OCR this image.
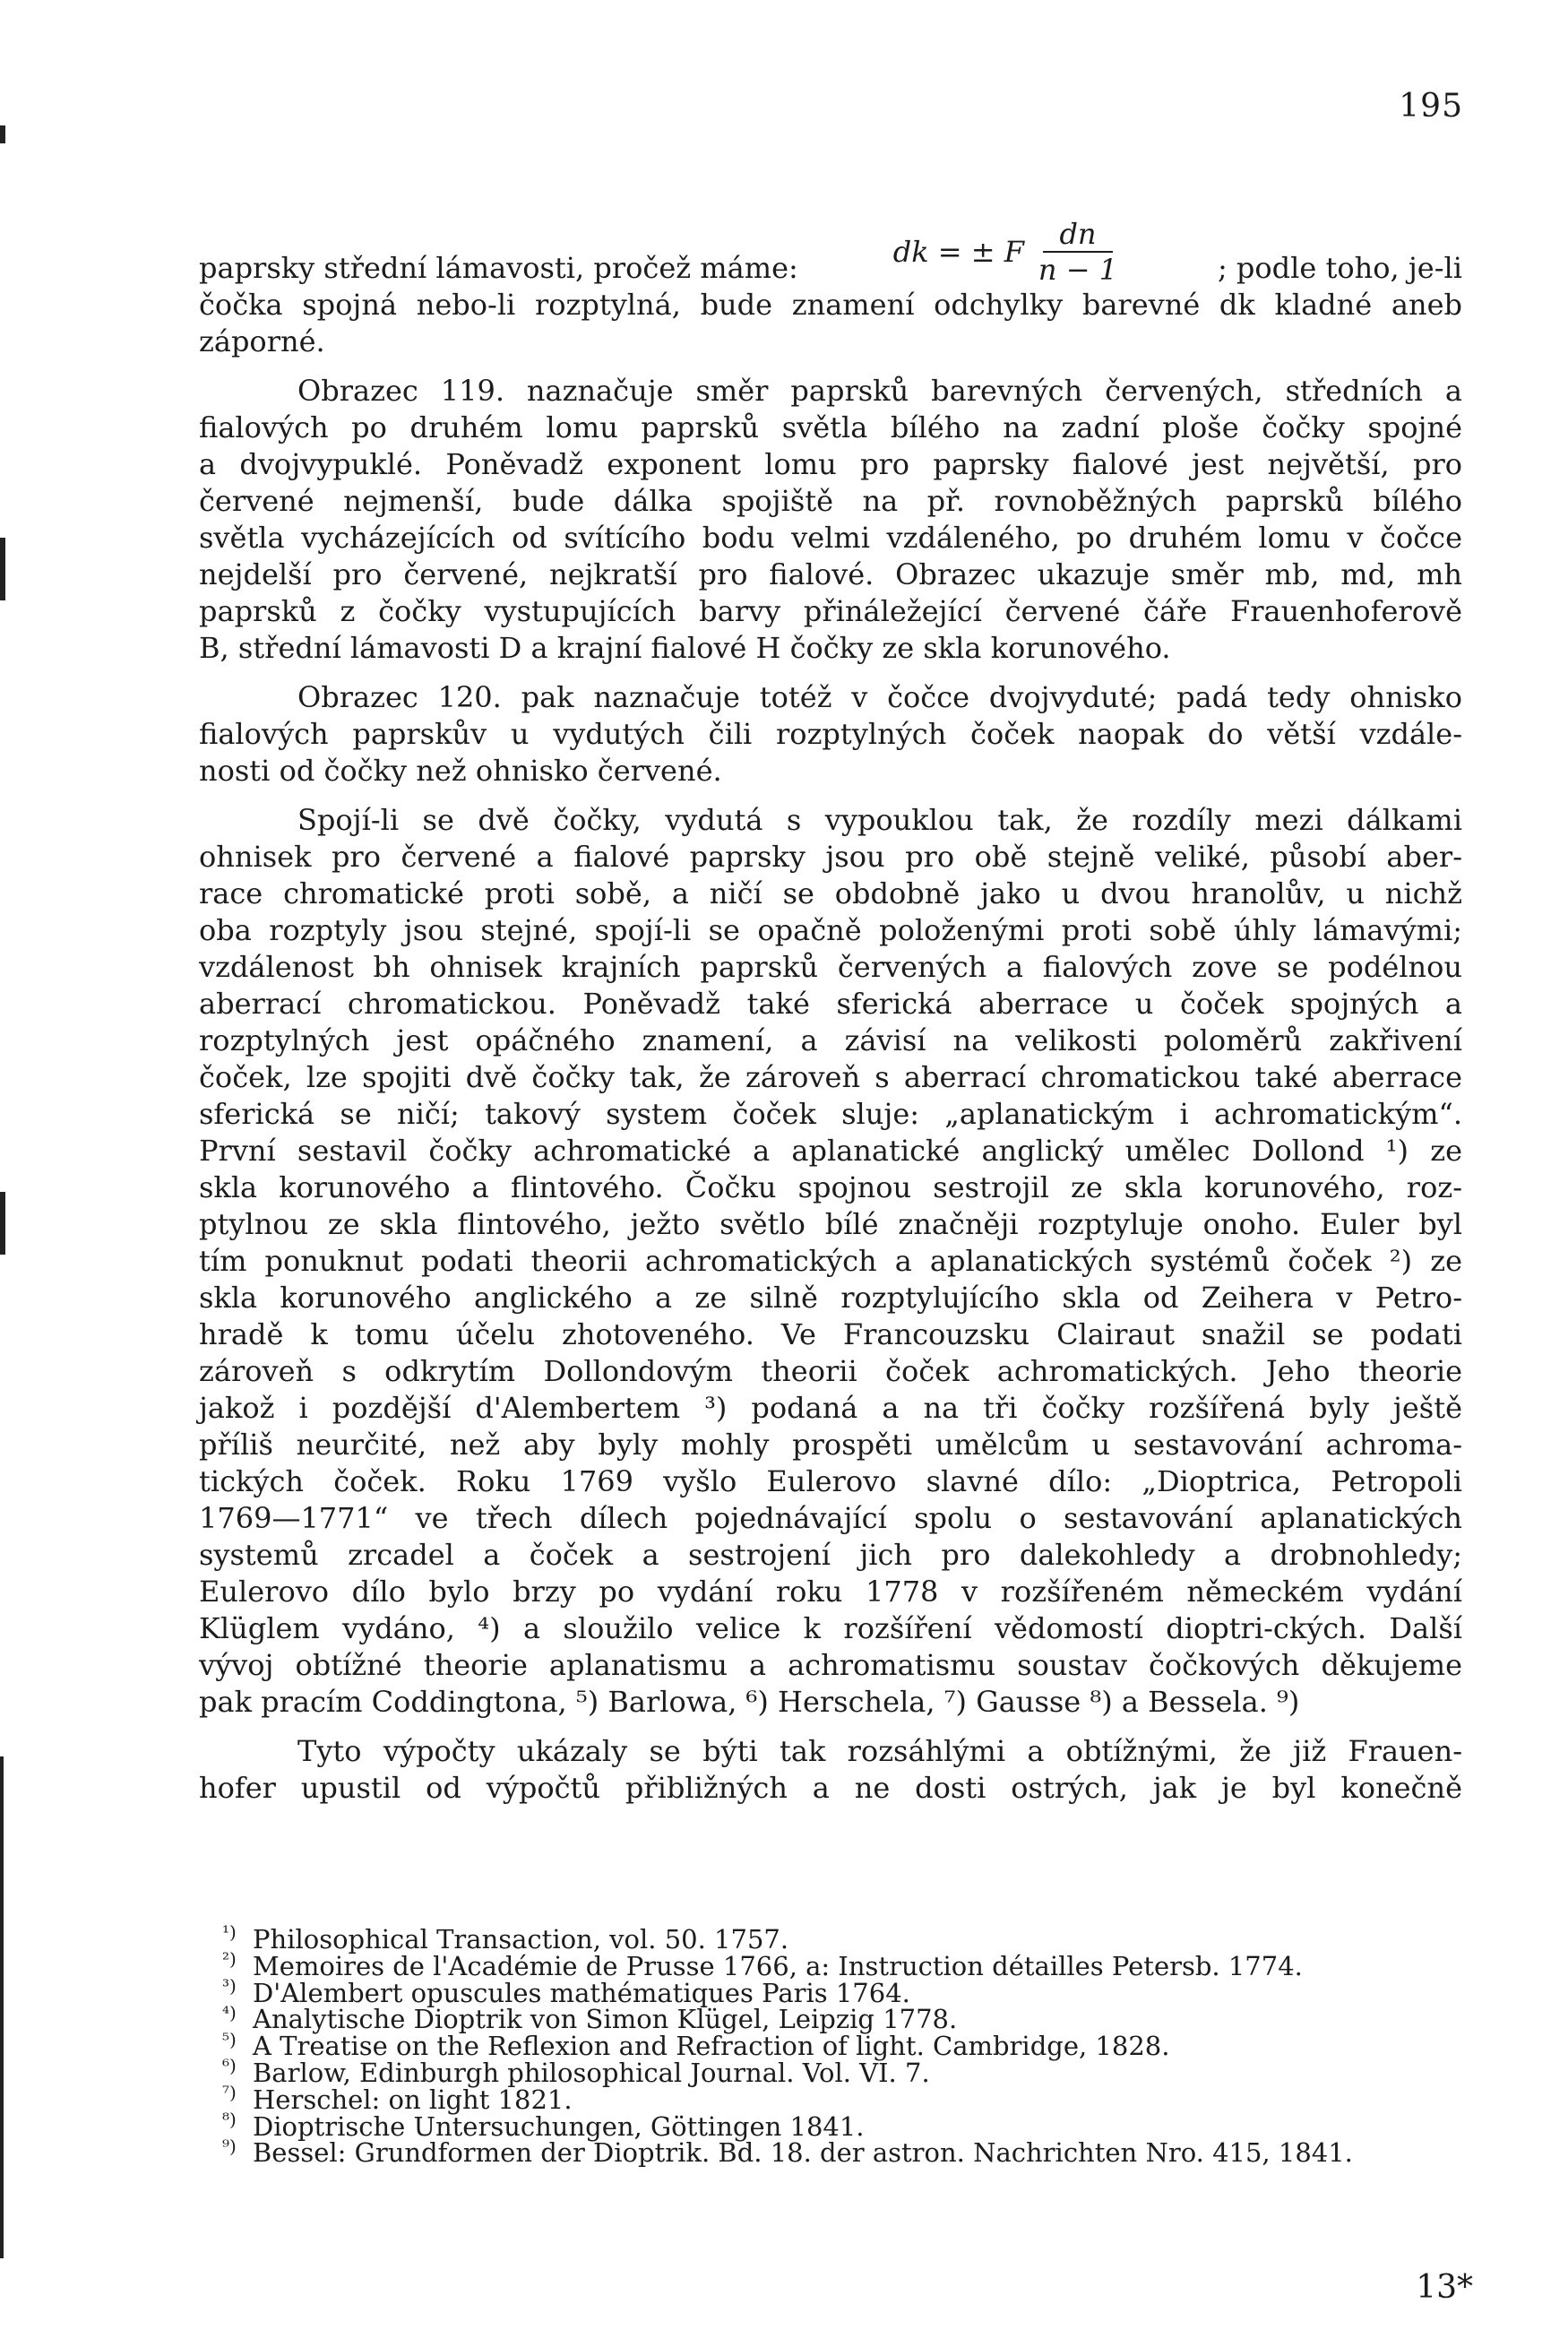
195
paprsky střední lámavosti, pročež máme:	dk = ± F $\frac{dn}{n - 1}$	; podle toho, je-li
čočka spojná nebo-li rozptylná, bude znamení odchylky barevné dk kladné aneb
záporné.
Obrazec 119. naznačuje směr paprsků barevných červených, středních a
fialových po druhém lomu paprsků světla bílého na zadní ploše čočky spojné
a dvojvypuklé. Poněvadž exponent lomu pro paprsky fialové jest největší, pro
červené nejmenší, bude dálka spojiště na př. rovnoběžných paprsků bílého
světla vycházejících od svítícího bodu velmi vzdáleného, po druhém lomu v čočce
nejdelší pro červené, nejkratší pro fialové. Obrazec ukazuje směr mb, md, mh
paprsků z čočky vystupujících barvy přináležející červené čáře Frauenhoferově
B, střední lámavosti D a krajní fialové H čočky ze skla korunového.
Obrazec 120. pak naznačuje totéž v čočce dvojvyduté; padá tedy ohnisko
fialových paprskův u vydutých čili rozptylných čoček naopak do větší vzdále-
nosti od čočky než ohnisko červené.
Spojí-li se dvě čočky, vydutá s vypouklou tak, že rozdíly mezi dálkami
ohnisek pro červené a fialové paprsky jsou pro obě stejně veliké, působí aber-
race chromatické proti sobě, a ničí se obdobně jako u dvou hranolův, u nichž
oba rozptyly jsou stejné, spojí-li se opačně položenými proti sobě úhly lámavými;
vzdálenost bh ohnisek krajních paprsků červených a fialových zove se podélnou
aberrací chromatickou. Poněvadž také sferická aberrace u čoček spojných a
rozptylných jest opáčného znamení, a závisí na velikosti poloměrů zakřivení
čoček, lze spojiti dvě čočky tak, že zároveň s aberrací chromatickou také aberrace
sferická se ničí; takový system čoček sluje: „aplanatickým i achromatickým“.
První sestavil čočky achromatické a aplanatické anglický umělec Dollond ¹) ze
skla korunového a flintového. Čočku spojnou sestrojil ze skla korunového, roz-
ptylnou ze skla flintového, ježto světlo bílé značněji rozptyluje onoho. Euler byl
tím ponuknut podati theorii achromatických a aplanatických systémů čoček ²) ze
skla korunového anglického a ze silně rozptylujícího skla od Zeihera v Petro-
hradě k tomu účelu zhotoveného. Ve Francouzsku Clairaut snažil se podati
zároveň s odkrytím Dollondovým theorii čoček achromatických. Jeho theorie
jakož i pozdější d'Alembertem ³) podaná a na tři čočky rozšířená byly ještě
příliš neurčité, než aby byly mohly prospěti umělcům u sestavování achroma-
tických čoček. Roku 1769 vyšlo Eulerovo slavné dílo: „Dioptrica, Petropoli
1769—1771“ ve třech dílech pojednávající spolu o sestavování aplanatických
systemů zrcadel a čoček a sestrojení jich pro dalekohledy a drobnohledy;
Eulerovo dílo bylo brzy po vydání roku 1778 v rozšířeném německém vydání
Klüglem vydáno, ⁴) a sloužilo velice k rozšíření vědomostí dioptri-ckých. Další
vývoj obtížné theorie aplanatismu a achromatismu soustav čočkových děkujeme
pak pracím Coddingtona, ⁵) Barlowa, ⁶) Herschela, ⁷) Gausse ⁸) a Bessela. ⁹)
Tyto výpočty ukázaly se býti tak rozsáhlými a obtížnými, že již Frauen-
hofer upustil od výpočtů přibližných a ne dosti ostrých, jak je byl konečně
¹) Philosophical Transaction, vol. 50. 1757.
²) Memoires de l'Académie de Prusse 1766, a: Instruction détailles Petersb. 1774.
³) D'Alembert opuscules mathématiques Paris 1764.
⁴) Analytische Dioptrik von Simon Klügel, Leipzig 1778.
⁵) A Treatise on the Reflexion and Refraction of light. Cambridge, 1828.
⁶) Barlow, Edinburgh philosophical Journal. Vol. VI. 7.
⁷) Herschel: on light 1821.
⁸) Dioptrische Untersuchungen, Göttingen 1841.
⁹) Bessel: Grundformen der Dioptrik. Bd. 18. der astron. Nachrichten Nro. 415, 1841.
13*
